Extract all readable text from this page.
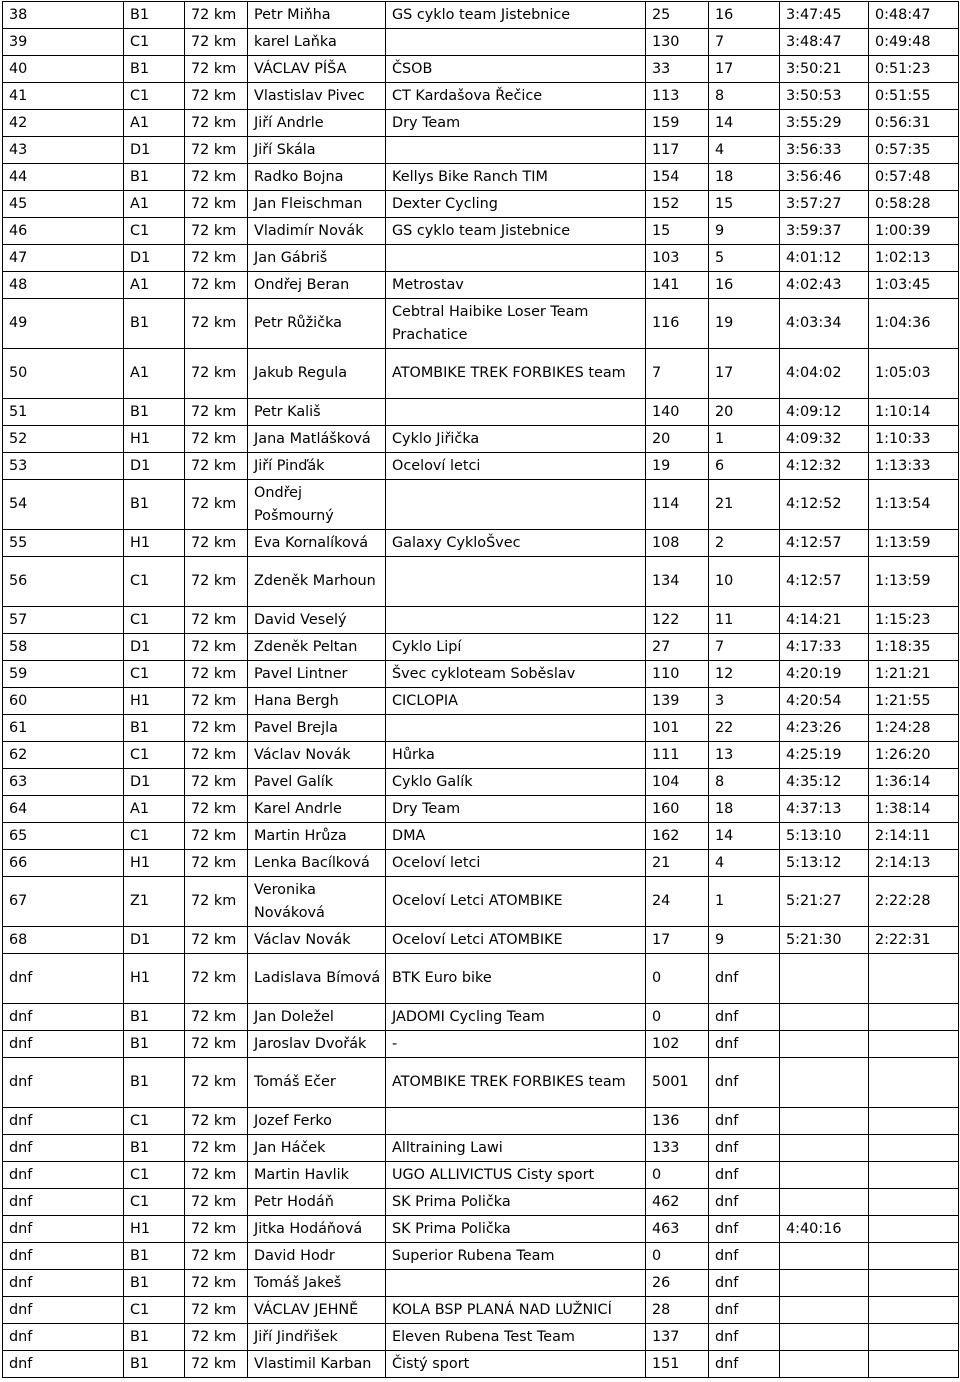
38	B1	72 km	Petr Miňha	GS cyklo team Jistebnice	25	16	3:47:45	0:48:47
39	C1	72 km	karel Laňka		130	7	3:48:47	0:49:48
40	B1	72 km	VÁCLAV PÍŠA	ČSOB	33	17	3:50:21	0:51:23
41	C1	72 km	Vlastislav Pivec	CT Kardašova Řečice	113	8	3:50:53	0:51:55
42	A1	72 km	Jiří Andrle	Dry Team	159	14	3:55:29	0:56:31
43	D1	72 km	Jiří Skála		117	4	3:56:33	0:57:35
44	B1	72 km	Radko Bojna	Kellys Bike Ranch TIM	154	18	3:56:46	0:57:48
45	A1	72 km	Jan Fleischman	Dexter Cycling	152	15	3:57:27	0:58:28
46	C1	72 km	Vladimír Novák	GS cyklo team Jistebnice	15	9	3:59:37	1:00:39
47	D1	72 km	Jan Gábriš		103	5	4:01:12	1:02:13
48	A1	72 km	Ondřej Beran	Metrostav	141	16	4:02:43	1:03:45
49	B1	72 km	Petr Růžička	Cebtral Haibike Loser Team Prachatice	116	19	4:03:34	1:04:36
50	A1	72 km	Jakub Regula	ATOMBIKE TREK FORBIKES team	7	17	4:04:02	1:05:03
51	B1	72 km	Petr Kališ		140	20	4:09:12	1:10:14
52	H1	72 km	Jana Matlášková	Cyklo Jiřička	20	1	4:09:32	1:10:33
53	D1	72 km	Jiří Pinďák	Oceloví letci	19	6	4:12:32	1:13:33
54	B1	72 km	Ondřej Pošmourný		114	21	4:12:52	1:13:54
55	H1	72 km	Eva Kornalíková	Galaxy CykloŠvec	108	2	4:12:57	1:13:59
56	C1	72 km	Zdeněk Marhoun		134	10	4:12:57	1:13:59
57	C1	72 km	David Veselý		122	11	4:14:21	1:15:23
58	D1	72 km	Zdeněk Peltan	Cyklo Lipí	27	7	4:17:33	1:18:35
59	C1	72 km	Pavel Lintner	Švec cykloteam Soběslav	110	12	4:20:19	1:21:21
60	H1	72 km	Hana Bergh	CICLOPIA	139	3	4:20:54	1:21:55
61	B1	72 km	Pavel Brejla		101	22	4:23:26	1:24:28
62	C1	72 km	Václav Novák	Hůrka	111	13	4:25:19	1:26:20
63	D1	72 km	Pavel Galík	Cyklo Galík	104	8	4:35:12	1:36:14
64	A1	72 km	Karel Andrle	Dry Team	160	18	4:37:13	1:38:14
65	C1	72 km	Martin Hrůza	DMA	162	14	5:13:10	2:14:11
66	H1	72 km	Lenka Bacílková	Oceloví letci	21	4	5:13:12	2:14:13
67	Z1	72 km	Veronika Nováková	Oceloví Letci ATOMBIKE	24	1	5:21:27	2:22:28
68	D1	72 km	Václav Novák	Oceloví Letci ATOMBIKE	17	9	5:21:30	2:22:31
dnf	H1	72 km	Ladislava Bímová	BTK Euro bike	0	dnf		
dnf	B1	72 km	Jan Doležel	JADOMI Cycling Team	0	dnf		
dnf	B1	72 km	Jaroslav Dvořák	-	102	dnf		
dnf	B1	72 km	Tomáš Ečer	ATOMBIKE TREK FORBIKES team	5001	dnf		
dnf	C1	72 km	Jozef Ferko		136	dnf		
dnf	B1	72 km	Jan Háček	Alltraining Lawi	133	dnf		
dnf	C1	72 km	Martin Havlik	UGO ALLIVICTUS Cisty sport	0	dnf		
dnf	C1	72 km	Petr Hodáň	SK Prima Polička	462	dnf		
dnf	H1	72 km	Jitka Hodáňová	SK Prima Polička	463	dnf	4:40:16	
dnf	B1	72 km	David Hodr	Superior Rubena Team	0	dnf		
dnf	B1	72 km	Tomáš Jakeš		26	dnf		
dnf	C1	72 km	VÁCLAV JEHNĚ	KOLA BSP PLANÁ NAD LUŽNICÍ	28	dnf		
dnf	B1	72 km	Jiří Jindřišek	Eleven Rubena Test Team	137	dnf		
dnf	B1	72 km	Vlastimil Karban	Čistý sport	151	dnf		
